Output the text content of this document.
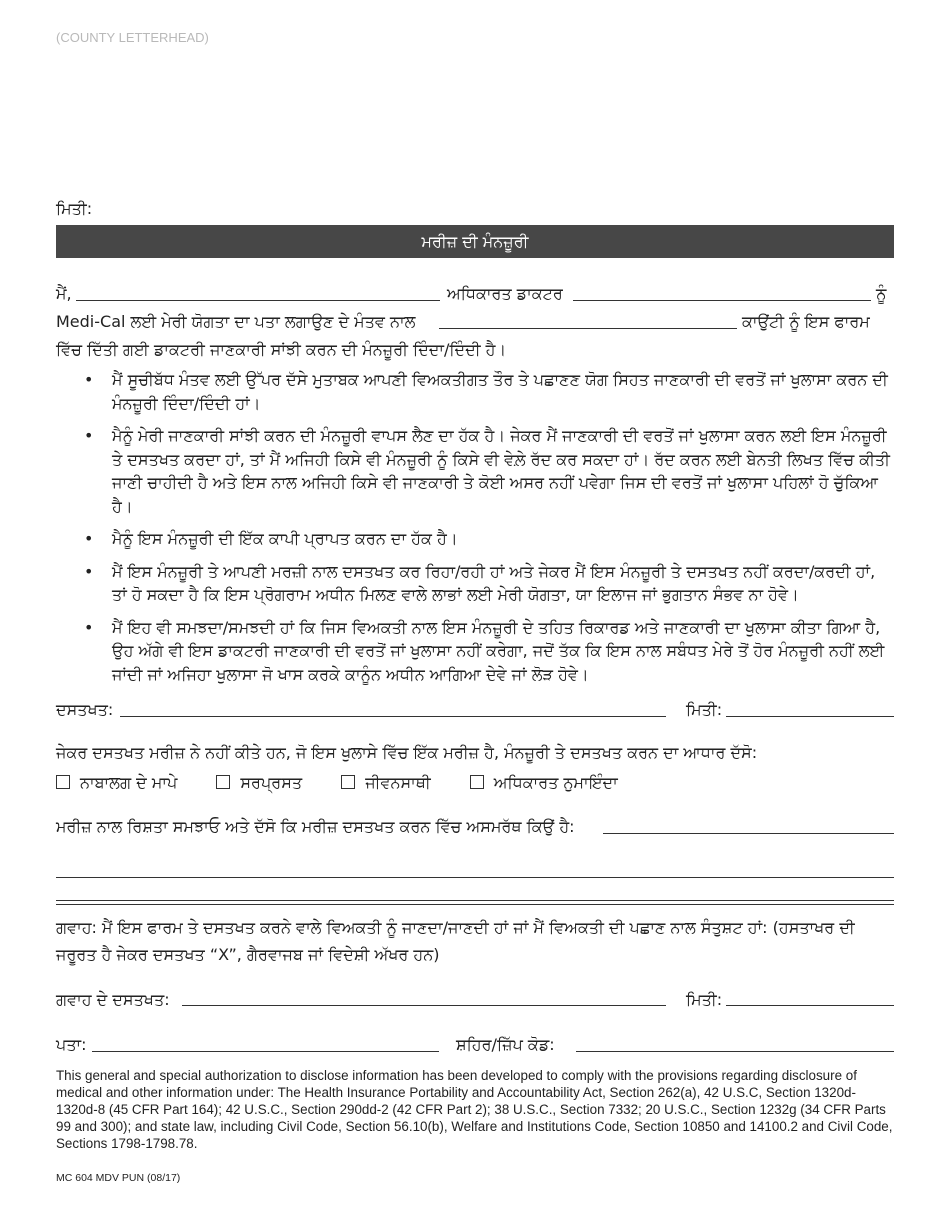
(COUNTY LETTERHEAD)
ਮਿਤੀ:
ਮਰੀਜ਼ ਦੀ ਮੰਨਜ਼ੂਰੀ
ਮੈਂ,	ਅਧਿਕਾਰਤ ਡਾਕਟਰ	ਨੂੰ
Medi-Cal ਲਈ ਮੇਰੀ ਯੋਗਤਾ ਦਾ ਪਤਾ ਲਗਾਉਣ ਦੇ ਮੰਤਵ ਨਾਲ	ਕਾਉਂਟੀ ਨੂੰ ਇਸ ਫਾਰਮ
ਵਿੱਚ ਦਿੱਤੀ ਗਈ ਡਾਕਟਰੀ ਜਾਣਕਾਰੀ ਸਾਂਝੀ ਕਰਨ ਦੀ ਮੰਨਜ਼ੂਰੀ ਦਿੰਦਾ/ਦਿੰਦੀ ਹੈ।
• ਮੈਂ ਸੂਚੀਬੱਧ ਮੰਤਵ ਲਈ ਉੱਪਰ ਦੱਸੇ ਮੁਤਾਬਕ ਆਪਣੀ ਵਿਅਕਤੀਗਤ ਤੌਰ ਤੇ ਪਛਾਣਣ ਯੋਗ ਸਿਹਤ ਜਾਣਕਾਰੀ ਦੀ ਵਰਤੋਂ ਜਾਂ ਖੁਲਾਸਾ ਕਰਨ ਦੀ ਮੰਨਜ਼ੂਰੀ ਦਿੰਦਾ/ਦਿੰਦੀ ਹਾਂ।
• ਮੈਨੂੰ ਮੇਰੀ ਜਾਣਕਾਰੀ ਸਾਂਝੀ ਕਰਨ ਦੀ ਮੰਨਜ਼ੂਰੀ ਵਾਪਸ ਲੈਣ ਦਾ ਹੱਕ ਹੈ। ਜੇਕਰ ਮੈਂ ਜਾਣਕਾਰੀ ਦੀ ਵਰਤੋਂ ਜਾਂ ਖੁਲਾਸਾ ਕਰਨ ਲਈ ਇਸ ਮੰਨਜ਼ੂਰੀ ਤੇ ਦਸਤਖਤ ਕਰਦਾ ਹਾਂ, ਤਾਂ ਮੈਂ ਅਜਿਹੀ ਕਿਸੇ ਵੀ ਮੰਨਜ਼ੂਰੀ ਨੂੰ ਕਿਸੇ ਵੀ ਵੇਲ਼ੇ ਰੱਦ ਕਰ ਸਕਦਾ ਹਾਂ। ਰੱਦ ਕਰਨ ਲਈ ਬੇਨਤੀ ਲਿਖਤ ਵਿੱਚ ਕੀਤੀ ਜਾਣੀ ਚਾਹੀਦੀ ਹੈ ਅਤੇ ਇਸ ਨਾਲ ਅਜਿਹੀ ਕਿਸੇ ਵੀ ਜਾਣਕਾਰੀ ਤੇ ਕੋਈ ਅਸਰ ਨਹੀਂ ਪਵੇਗਾ ਜਿਸ ਦੀ ਵਰਤੋਂ ਜਾਂ ਖੁਲਾਸਾ ਪਹਿਲਾਂ ਹੋ ਚੁੱਕਿਆ ਹੈ।
• ਮੈਨੂੰ ਇਸ ਮੰਨਜ਼ੂਰੀ ਦੀ ਇੱਕ ਕਾਪੀ ਪ੍ਰਾਪਤ ਕਰਨ ਦਾ ਹੱਕ ਹੈ।
• ਮੈਂ ਇਸ ਮੰਨਜ਼ੂਰੀ ਤੇ ਆਪਣੀ ਮਰਜ਼ੀ ਨਾਲ ਦਸਤਖਤ ਕਰ ਰਿਹਾ/ਰਹੀ ਹਾਂ ਅਤੇ ਜੇਕਰ ਮੈਂ ਇਸ ਮੰਨਜ਼ੂਰੀ ਤੇ ਦਸਤਖਤ ਨਹੀਂ ਕਰਦਾ/ਕਰਦੀ ਹਾਂ, ਤਾਂ ਹੋ ਸਕਦਾ ਹੈ ਕਿ ਇਸ ਪ੍ਰੋਗਰਾਮ ਅਧੀਨ ਮਿਲਣ ਵਾਲੇ ਲਾਭਾਂ ਲਈ ਮੇਰੀ ਯੋਗਤਾ, ਯਾ ਇਲਾਜ ਜਾਂ ਭੁਗਤਾਨ ਸੰਭਵ ਨਾ ਹੋਵੇ।
• ਮੈਂ ਇਹ ਵੀ ਸਮਝਦਾ/ਸਮਝਦੀ ਹਾਂ ਕਿ ਜਿਸ ਵਿਅਕਤੀ ਨਾਲ ਇਸ ਮੰਨਜ਼ੂਰੀ ਦੇ ਤਹਿਤ ਰਿਕਾਰਡ ਅਤੇ ਜਾਣਕਾਰੀ ਦਾ ਖੁਲਾਸਾ ਕੀਤਾ ਗਿਆ ਹੈ, ਉਹ ਅੱਗੇ ਵੀ ਇਸ ਡਾਕਟਰੀ ਜਾਣਕਾਰੀ ਦੀ ਵਰਤੋਂ ਜਾਂ ਖੁਲਾਸਾ ਨਹੀਂ ਕਰੇਗਾ, ਜਦੋਂ ਤੱਕ ਕਿ ਇਸ ਨਾਲ ਸਬੰਧਤ ਮੇਰੇ ਤੋਂ ਹੋਰ ਮੰਨਜ਼ੂਰੀ ਨਹੀਂ ਲਈ ਜਾਂਦੀ ਜਾਂ ਅਜਿਹਾ ਖੁਲਾਸਾ ਜੋ ਖਾਸ ਕਰਕੇ ਕਾਨੂੰਨ ਅਧੀਨ ਆਗਿਆ ਦੇਵੇ ਜਾਂ ਲੋੜ ਹੋਵੇ।
ਦਸਤਖਤ:	ਮਿਤੀ:
ਜੇਕਰ ਦਸਤਖਤ ਮਰੀਜ਼ ਨੇ ਨਹੀਂ ਕੀਤੇ ਹਨ, ਜੋ ਇਸ ਖੁਲਾਸੇ ਵਿੱਚ ਇੱਕ ਮਰੀਜ਼ ਹੈ, ਮੰਨਜ਼ੂਰੀ ਤੇ ਦਸਤਖਤ ਕਰਨ ਦਾ ਆਧਾਰ ਦੱਸੋ:
ਨਾਬਾਲਗ ਦੇ ਮਾਪੇ	ਸਰਪ੍ਰਸਤ	ਜੀਵਨਸਾਥੀ	ਅਧਿਕਾਰਤ ਨੁਮਾਇੰਦਾ
ਮਰੀਜ਼ ਨਾਲ ਰਿਸ਼ਤਾ ਸਮਝਾਓ ਅਤੇ ਦੱਸੋ ਕਿ ਮਰੀਜ਼ ਦਸਤਖਤ ਕਰਨ ਵਿੱਚ ਅਸਮਰੱਥ ਕਿਉਂ ਹੈ:
ਗਵਾਹ: ਮੈਂ ਇਸ ਫਾਰਮ ਤੇ ਦਸਤਖਤ ਕਰਨੇ ਵਾਲੇ ਵਿਅਕਤੀ ਨੂੰ ਜਾਣਦਾ/ਜਾਣਦੀ ਹਾਂ ਜਾਂ ਮੈਂ ਵਿਅਕਤੀ ਦੀ ਪਛਾਣ ਨਾਲ ਸੰਤੁਸ਼ਟ ਹਾਂ: (ਹਸਤਾਖਰ ਦੀ
ਜਰੂਰਤ ਹੈ ਜੇਕਰ ਦਸਤਖਤ “X”, ਗੈਰਵਾਜਬ ਜਾਂ ਵਿਦੇਸ਼ੀ ਅੱਖਰ ਹਨ)
ਗਵਾਹ ਦੇ ਦਸਤਖਤ:	ਮਿਤੀ:
ਪਤਾ:	ਸ਼ਹਿਰ/ਜ਼ਿੱਪ ਕੋਡ:
This general and special authorization to disclose information has been developed to comply with the provisions regarding disclosure of medical and other information under: The Health Insurance Portability and Accountability Act, Section 262(a), 42 U.S.C, Section 1320d-1320d-8 (45 CFR Part 164); 42 U.S.C., Section 290dd-2 (42 CFR Part 2); 38 U.S.C., Section 7332; 20 U.S.C., Section 1232g (34 CFR Parts 99 and 300); and state law, including Civil Code, Section 56.10(b), Welfare and Institutions Code, Section 10850 and 14100.2 and Civil Code, Sections 1798-1798.78.
MC 604 MDV PUN (08/17)
